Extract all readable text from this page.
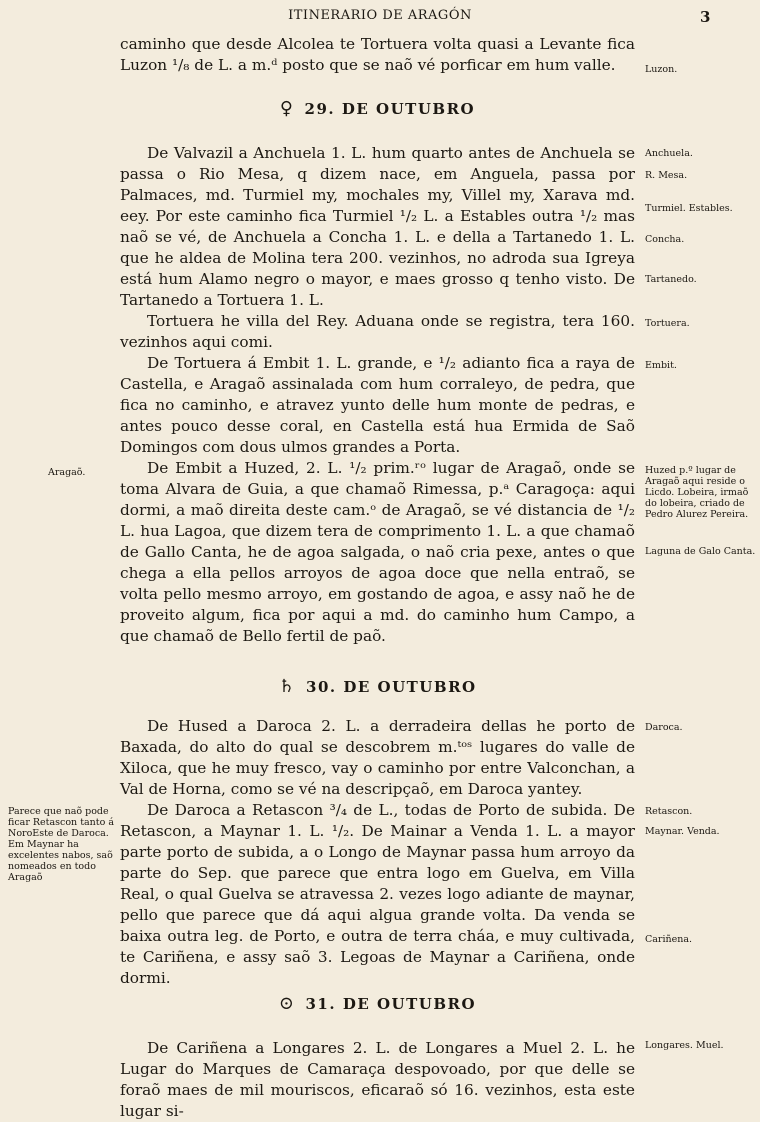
ITINERARIO DE ARAGÓN	3

caminho que desde Alcolea te Tortuera volta quasi a Levante fica Luzon ¹/₈ de L. a m.ᵈ posto que se naõ vé porficar em hum valle.

♀ 29. DE OUTUBRO

De Valvazil a Anchuela 1. L. hum quarto antes de Anchuela se passa o Rio Mesa, q dizem nace, em Anguela, passa por Palmaces, md. Turmiel my, mochales my, Villel my, Xarava md. eey. Por este caminho fica Turmiel ¹/₂ L. a Estables outra ¹/₂ mas naõ se vé, de Anchuela a Concha 1. L. e della a Tartanedo 1. L. que he aldea de Molina tera 200. vezinhos, no adroda sua Igreya está hum Alamo negro o mayor, e maes grosso q tenho visto. De Tartanedo a Tortuera 1. L.

Tortuera he villa del Rey. Aduana onde se registra, tera 160. vezinhos aqui comi.

De Tortuera á Embit 1. L. grande, e ¹/₂ adianto fica a raya de Castella, e Aragaõ assinalada com hum corraleyo, de pedra, que fica no caminho, e atravez yunto delle hum monte de pedras, e antes pouco desse coral, en Castella está hua Ermida de Saõ Domingos com dous ulmos grandes a Porta.

De Embit a Huzed, 2. L. ¹/₂ prim.ʳᵒ lugar de Aragaõ, onde se toma Alvara de Guia, a que chamaõ Rimessa, p.ᵃ Caragoça: aqui dormi, a maõ direita deste cam.ᵒ de Aragaõ, se vé distancia de ¹/₂ L. hua Lagoa, que dizem tera de comprimento 1. L. a que chamaõ de Gallo Canta, he de agoa salgada, o naõ cria pexe, antes o que chega a ella pellos arroyos de agoa doce que nella entraõ, se volta pello mesmo arroyo, em gostando de agoa, e assy naõ he de proveito algum, fica por aqui a md. do caminho hum Campo, a que chamaõ de Bello fertil de paõ.

♄ 30. DE OUTUBRO

De Hused a Daroca 2. L. a derradeira dellas he porto de Baxada, do alto do qual se descobrem m.ᵗᵒˢ lugares do valle de Xiloca, que he muy fresco, vay o caminho por entre Valconchan, a Val de Horna, como se vé na descripçaõ, em Daroca yantey.

De Daroca a Retascon ³/₄ de L., todas de Porto de subida. De Retascon, a Maynar 1. L. ¹/₂. De Mainar a Venda 1. L. a mayor parte porto de subida, a o Longo de Maynar passa hum arroyo da parte do Sep. que parece que entra logo em Guelva, em Villa Real, o qual Guelva se atravessa 2. vezes logo adiante de maynar, pello que parece que dá aqui algua grande volta. Da venda se baixa outra leg. de Porto, e outra de terra cháa, e muy cultivada, te Cariñena, e assy saõ 3. Legoas de Maynar a Cariñena, onde dormi.

⊙ 31. DE OUTUBRO

De Cariñena a Longares 2. L. de Longares a Muel 2. L. he Lugar do Marques de Camaraça despovoado, por que delle se foraõ maes de mil mouriscos, eficaraõ só 16. vezinhos, esta este lugar si-

Luzon.
Anchuela.
R. Mesa.
Turmiel. Estables.
Concha.
Tartanedo.
Tortuera.
Embit.
Huzed p.º lugar de Aragaõ aqui reside o Licdo. Lobeira, irmaõ do lobeira, criado de Pedro Alurez Pereira.
Laguna de Galo Canta.
Daroca.
Retascon.
Maynar. Venda.
Cariñena.
Longares. Muel.
Aragaõ.
Parece que naõ pode ficar Retascon tanto á NoroEste de Daroca. Em Maynar ha excelentes nabos, saõ nomeados en todo Aragaõ
